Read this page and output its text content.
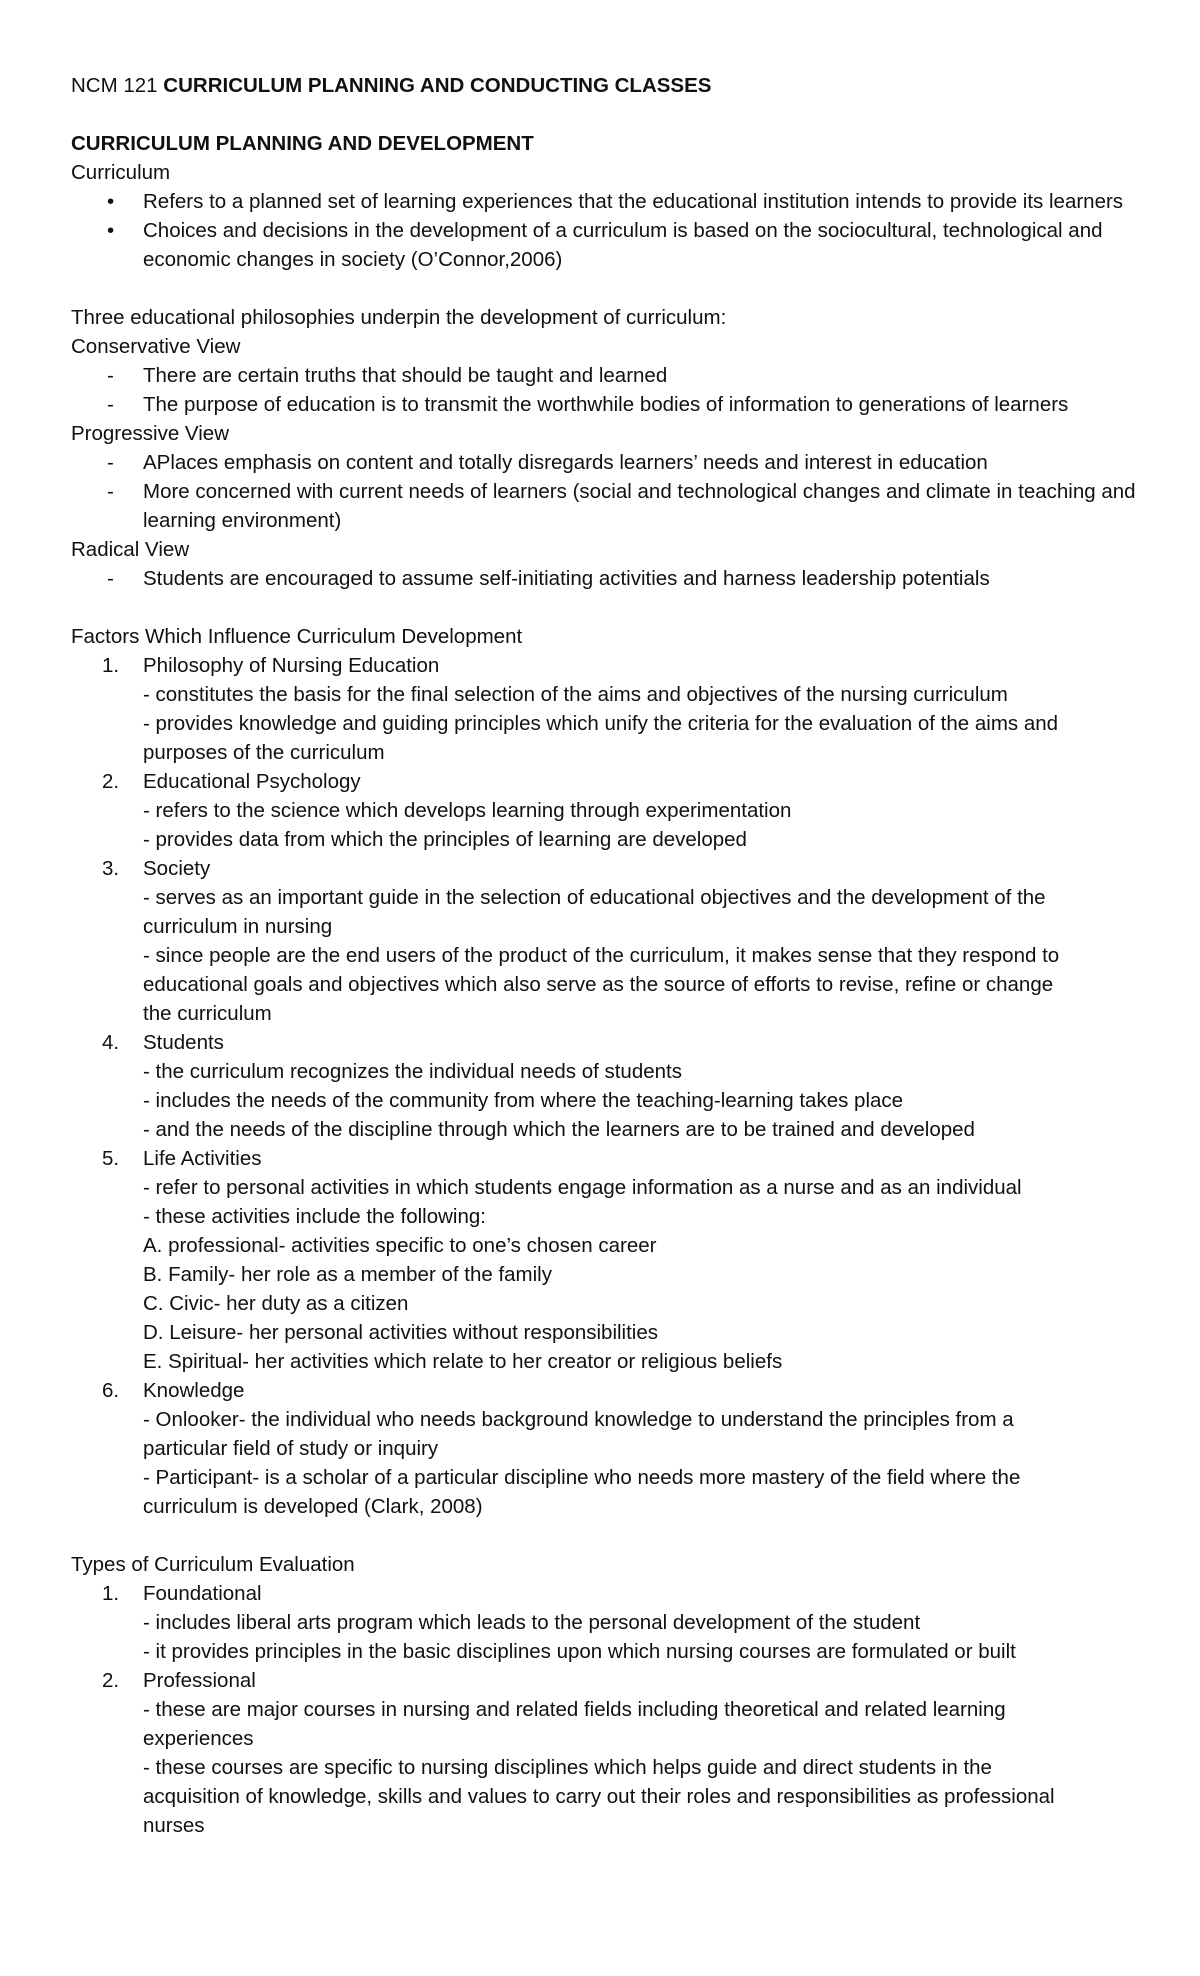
NCM 121 CURRICULUM PLANNING AND CONDUCTING CLASSES
CURRICULUM PLANNING AND DEVELOPMENT
Curriculum
• Refers to a planned set of learning experiences that the educational institution intends to provide its learners
• Choices and decisions in the development of a curriculum is based on the sociocultural, technological and economic changes in society (O’Connor,2006)
Three educational philosophies underpin the development of curriculum:
Conservative View
- There are certain truths that should be taught and learned
- The purpose of education is to transmit the worthwhile bodies of information to generations of learners
Progressive View
- APlaces emphasis on content and totally disregards learners’ needs and interest in education
- More concerned with current needs of learners (social and technological changes and climate in teaching and learning environment)
Radical View
- Students are encouraged to assume self-initiating activities and harness leadership potentials
Factors Which Influence Curriculum Development
1. Philosophy of Nursing Education
- constitutes the basis for the final selection of the aims and objectives of the nursing curriculum
- provides knowledge and guiding principles which unify the criteria for the evaluation of the aims and
purposes of the curriculum
2. Educational Psychology
- refers to the science which develops learning through experimentation
- provides data from which the principles of learning are developed
3. Society
- serves as an important guide in the selection of educational objectives and the development of the
curriculum in nursing
- since people are the end users of the product of the curriculum, it makes sense that they respond to
educational goals and objectives which also serve as the source of efforts to revise, refine or change
the curriculum
4. Students
- the curriculum recognizes the individual needs of students
- includes the needs of the community from where the teaching-learning takes place
- and the needs of the discipline through which the learners are to be trained and developed
5. Life Activities
- refer to personal activities in which students engage information as a nurse and as an individual
- these activities include the following:
A. professional- activities specific to one’s chosen career
B. Family- her role as a member of the family
C. Civic- her duty as a citizen
D. Leisure- her personal activities without responsibilities
E. Spiritual- her activities which relate to her creator or religious beliefs
6. Knowledge
- Onlooker- the individual who needs background knowledge to understand the principles from a
particular field of study or inquiry
- Participant- is a scholar of a particular discipline who needs more mastery of the field where the
curriculum is developed (Clark, 2008)
Types of Curriculum Evaluation
1. Foundational
- includes liberal arts program which leads to the personal development of the student
- it provides principles in the basic disciplines upon which nursing courses are formulated or built
2. Professional
- these are major courses in nursing and related fields including theoretical and related learning
experiences
- these courses are specific to nursing disciplines which helps guide and direct students in the
acquisition of knowledge, skills and values to carry out their roles and responsibilities as professional
nurses
